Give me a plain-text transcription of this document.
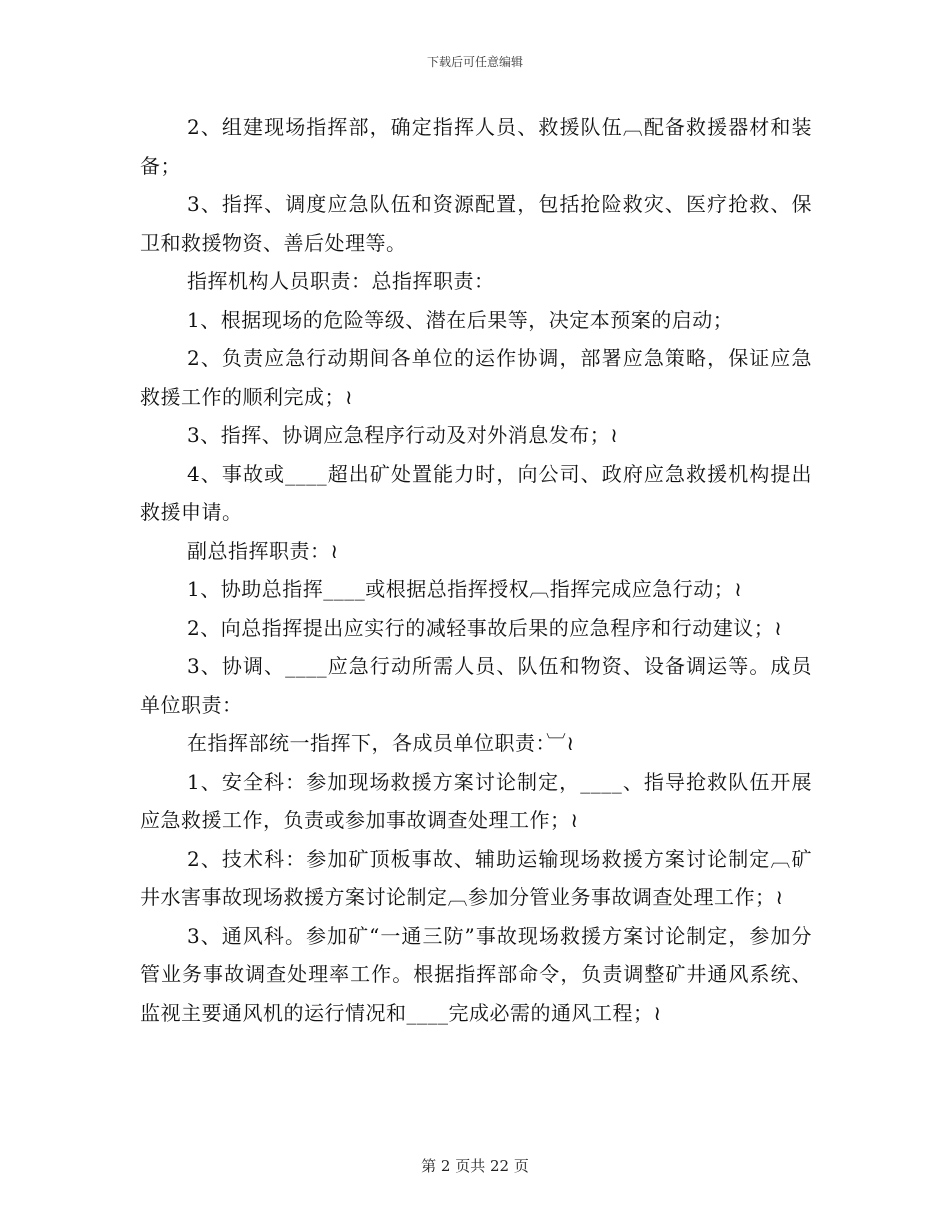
下载后可任意编辑

2、组建现场指挥部，确定指挥人员、救援队伍︹配备救援器材和装备；

3、指挥、调度应急队伍和资源配置，包括抢险救灾、医疗抢救、保卫和救援物资、善后处理等。

指挥机构人员职责：总指挥职责：

1、根据现场的危险等级、潜在后果等，决定本预案的启动；

2、负责应急行动期间各单位的运作协调，部署应急策略，保证应急救援工作的顺利完成；≀

3、指挥、协调应急程序行动及对外消息发布；≀

4、事故或____超出矿处置能力时，向公司、政府应急救援机构提出救援申请。

副总指挥职责：≀

1、协助总指挥____或根据总指挥授权︹指挥完成应急行动；≀

2、向总指挥提出应实行的减轻事故后果的应急程序和行动建议；≀

3、协调、____应急行动所需人员、队伍和物资、设备调运等。成员单位职责：

在指挥部统一指挥下，各成员单位职责：︺≀

1、安全科：参加现场救援方案讨论制定，____、指导抢救队伍开展应急救援工作，负责或参加事故调查处理工作；≀

2、技术科：参加矿顶板事故、辅助运输现场救援方案讨论制定︹矿井水害事故现场救援方案讨论制定︹参加分管业务事故调查处理工作；≀

3、通风科。参加矿“一通三防”事故现场救援方案讨论制定，参加分管业务事故调查处理率工作。根据指挥部命令，负责调整矿井通风系统、监视主要通风机的运行情况和____完成必需的通风工程；≀

第 2 页共 22 页
